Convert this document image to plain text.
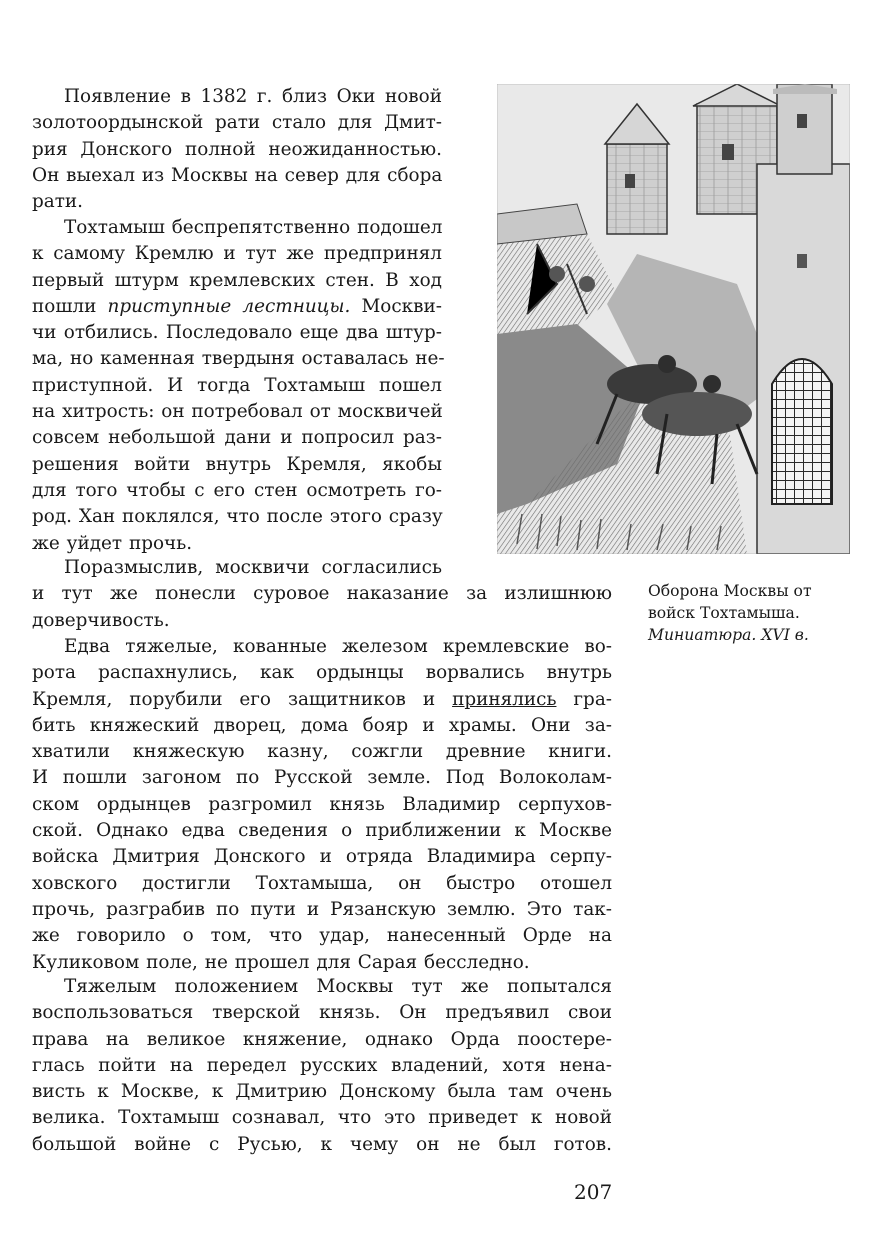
Появление в 1382 г. близ Оки новой
золотоордынской рати стало для Дмит-
рия Донского полной неожиданностью.
Он выехал из Москвы на север для сбора
рати.
Тохтамыш беспрепятственно подошел
к самому Кремлю и тут же предпринял
первый штурм кремлевских стен. В ход
пошли приступные лестницы. Москви-
чи отбились. Последовало еще два штур-
ма, но каменная твердыня оставалась не-
приступной. И тогда Тохтамыш пошел
на хитрость: он потребовал от москвичей
совсем небольшой дани и попросил раз-
решения войти внутрь Кремля, якобы
для того чтобы с его стен осмотреть го-
род. Хан поклялся, что после этого сразу
же уйдет прочь.
Поразмыслив, москвичи согласились
и тут же понесли суровое наказание за излишнюю
доверчивость.
Едва тяжелые, кованные железом кремлевские во-
рота распахнулись, как ордынцы ворвались внутрь
Кремля, порубили его защитников и принялись гра-
бить княжеский дворец, дома бояр и храмы. Они за-
хватили княжескую казну, сожгли древние книги.
И пошли загоном по Русской земле. Под Волоколам-
ском ордынцев разгромил князь Владимир серпухов-
ской. Однако едва сведения о приближении к Москве
войска Дмитрия Донского и отряда Владимира серпу-
ховского достигли Тохтамыша, он быстро отошел
прочь, разграбив по пути и Рязанскую землю. Это так-
же говорило о том, что удар, нанесенный Орде на
Куликовом поле, не прошел для Сарая бесследно.
Тяжелым положением Москвы тут же попытался
воспользоваться тверской князь. Он предъявил свои
права на великое княжение, однако Орда поостере-
глась пойти на передел русских владений, хотя нена-
висть к Москве, к Дмитрию Донскому была там очень
велика. Тохтамыш сознавал, что это приведет к новой
большой войне с Русью, к чему он не был готов.

Оборона Москвы от
войск Тохтамыша.
Миниатюра. XVI в.

207
